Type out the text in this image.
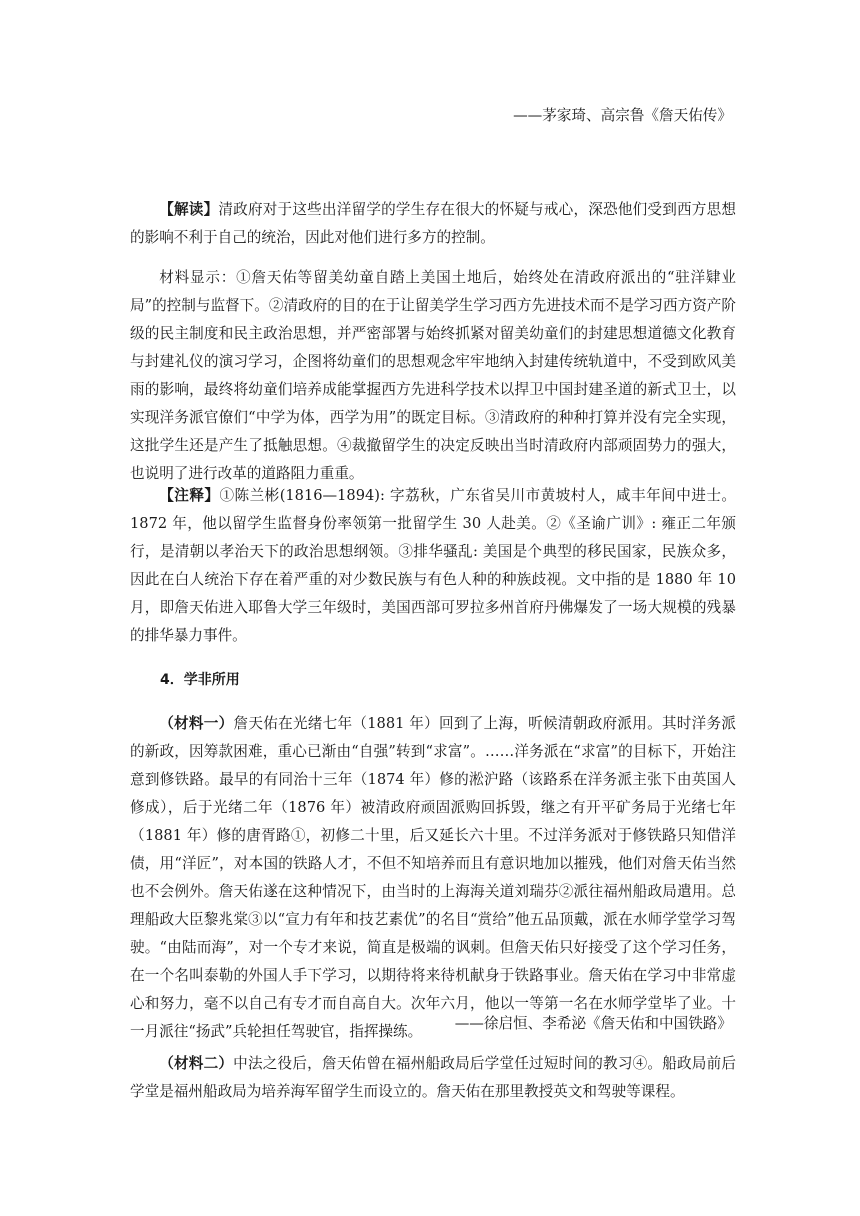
——茅家琦、高宗鲁《詹天佑传》
【解读】清政府对于这些出洋留学的学生存在很大的怀疑与戒心，深恐他们受到西方思想的影响不利于自己的统治，因此对他们进行多方的控制。
材料显示：①詹天佑等留美幼童自踏上美国土地后，始终处在清政府派出的“驻洋肄业局”的控制与监督下。②清政府的目的在于让留美学生学习西方先进技术而不是学习西方资产阶级的民主制度和民主政治思想，并严密部署与始终抓紧对留美幼童们的封建思想道德文化教育与封建礼仪的演习学习，企图将幼童们的思想观念牢牢地纳入封建传统轨道中，不受到欧风美雨的影响，最终将幼童们培养成能掌握西方先进科学技术以捍卫中国封建圣道的新式卫士，以实现洋务派官僚们“中学为体，西学为用”的既定目标。③清政府的种种打算并没有完全实现，这批学生还是产生了抵触思想。④裁撤留学生的决定反映出当时清政府内部顽固势力的强大，也说明了进行改革的道路阻力重重。
【注释】①陈兰彬(1816—1894): 字荔秋，广东省吴川市黄坡村人，咸丰年间中进士。1872 年，他以留学生监督身份率领第一批留学生 30 人赴美。②《圣谕广训》: 雍正二年颁行，是清朝以孝治天下的政治思想纲领。③排华骚乱: 美国是个典型的移民国家，民族众多，因此在白人统治下存在着严重的对少数民族与有色人种的种族歧视。文中指的是 1880 年 10 月，即詹天佑进入耶鲁大学三年级时，美国西部可罗拉多州首府丹佛爆发了一场大规模的残暴的排华暴力事件。
4．学非所用
（材料一）詹天佑在光绪七年（1881 年）回到了上海，听候清朝政府派用。其时洋务派的新政，因筹款困难，重心已渐由“自强”转到“求富”。……洋务派在“求富”的目标下，开始注意到修铁路。最早的有同治十三年（1874 年）修的淞沪路（该路系在洋务派主张下由英国人修成），后于光绪二年（1876 年）被清政府顽固派购回拆毁，继之有开平矿务局于光绪七年（1881 年）修的唐胥路①，初修二十里，后又延长六十里。不过洋务派对于修铁路只知借洋债，用“洋匠”，对本国的铁路人才，不但不知培养而且有意识地加以摧残，他们对詹天佑当然也不会例外。詹天佑遂在这种情况下，由当时的上海海关道刘瑞芬②派往福州船政局遣用。总理船政大臣黎兆棠③以“宣力有年和技艺素优”的名目“赏给”他五品顶戴，派在水师学堂学习驾驶。“由陆而海”，对一个专才来说，简直是极端的讽刺。但詹天佑只好接受了这个学习任务，在一个名叫泰勒的外国人手下学习，以期待将来待机献身于铁路事业。詹天佑在学习中非常虚心和努力，毫不以自己有专才而自高自大。次年六月，他以一等第一名在水师学堂毕了业。十一月派往“扬武”兵轮担任驾驶官，指挥操练。	——徐启恒、李希泌《詹天佑和中国铁路》
（材料二）中法之役后，詹天佑曾在福州船政局后学堂任过短时间的教习④。船政局前后学堂是福州船政局为培养海军留学生而设立的。詹天佑在那里教授英文和驾驶等课程。
